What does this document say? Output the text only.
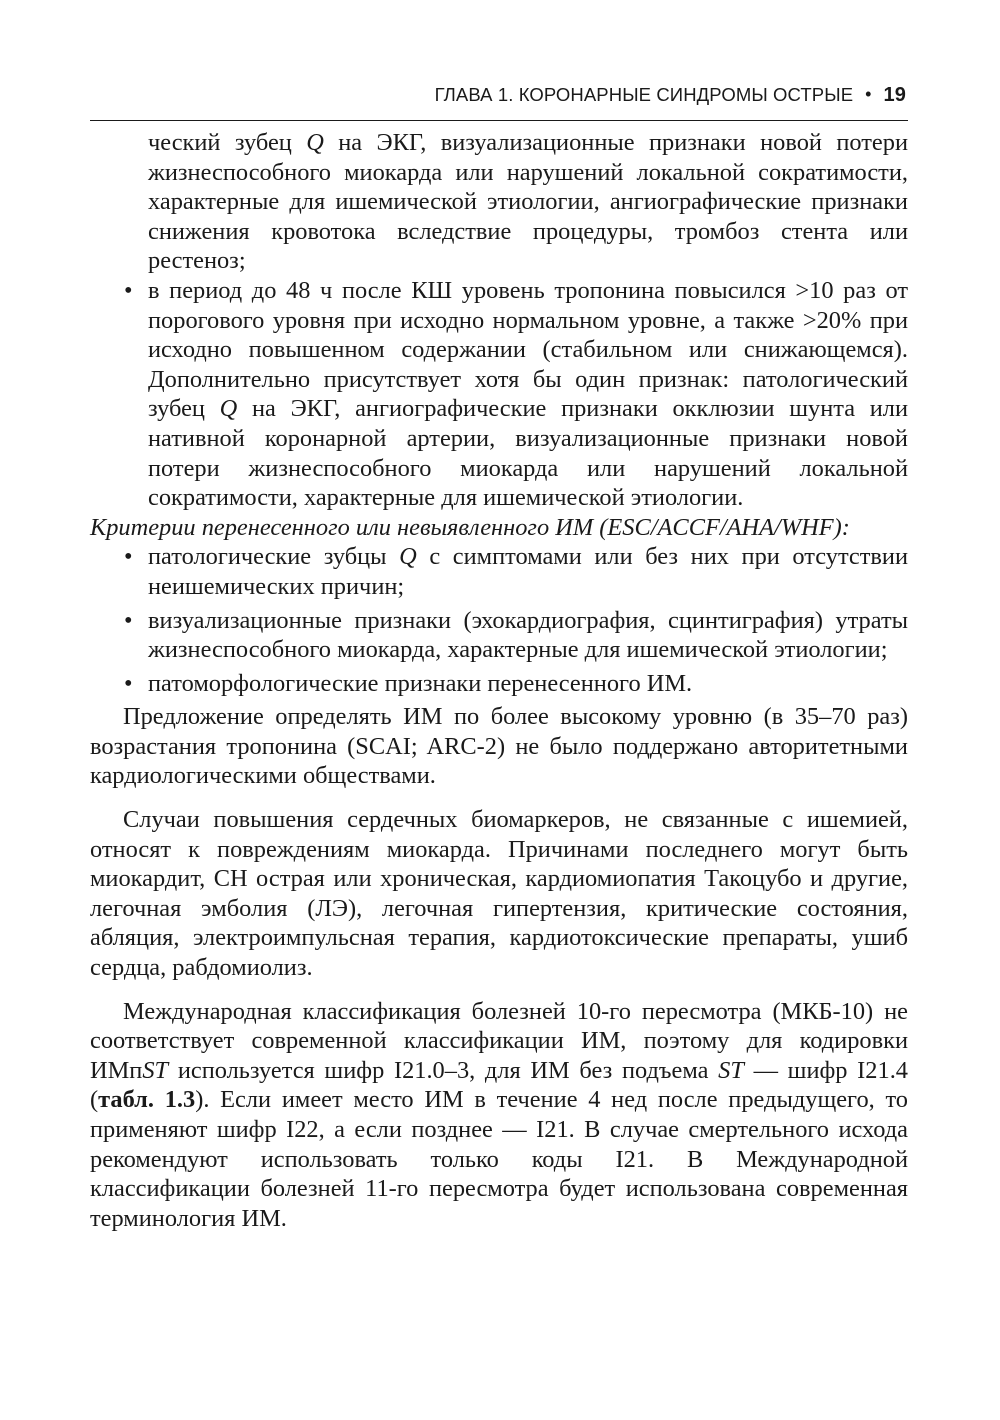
ГЛАВА 1. КОРОНАРНЫЕ СИНДРОМЫ ОСТРЫЕ • 19

ческий зубец Q на ЭКГ, визуализационные признаки новой потери жизнеспособного миокарда или нарушений локальной сократимости, характерные для ишемической этиологии, ангиографические признаки снижения кровотока вследствие процедуры, тромбоз стента или рестеноз;

• в период до 48 ч после КШ уровень тропонина повысился >10 раз от порогового уровня при исходно нормальном уровне, а также >20% при исходно повышенном содержании (стабильном или снижающемся). Дополнительно присутствует хотя бы один признак: патологический зубец Q на ЭКГ, ангиографические признаки окклюзии шунта или нативной коронарной артерии, визуализационные признаки новой потери жизнеспособного миокарда или нарушений локальной сократимости, характерные для ишемической этиологии.

Критерии перенесенного или невыявленного ИМ (ESC/ACCF/AHA/WHF):

• патологические зубцы Q с симптомами или без них при отсутствии неишемических причин;

• визуализационные признаки (эхокардиография, сцинтиграфия) утраты жизнеспособного миокарда, характерные для ишемической этиологии;

• патоморфологические признаки перенесенного ИМ.

Предложение определять ИМ по более высокому уровню (в 35–70 раз) возрастания тропонина (SCAI; ARC-2) не было поддержано авторитетными кардиологическими обществами.

Случаи повышения сердечных биомаркеров, не связанные с ишемией, относят к повреждениям миокарда. Причинами последнего могут быть миокардит, СН острая или хроническая, кардиомиопатия Такоцубо и другие, легочная эмболия (ЛЭ), легочная гипертензия, критические состояния, абляция, электроимпульсная терапия, кардиотоксические препараты, ушиб сердца, рабдомиолиз.

Международная классификация болезней 10-го пересмотра (МКБ-10) не соответствует современной классификации ИМ, поэтому для кодировки ИМпST используется шифр I21.0–3, для ИМ без подъема ST — шифр I21.4 (табл. 1.3). Если имеет место ИМ в течение 4 нед после предыдущего, то применяют шифр I22, а если позднее — I21. В случае смертельного исхода рекомендуют использовать только коды I21. В Международной классификации болезней 11-го пересмотра будет использована современная терминология ИМ.
